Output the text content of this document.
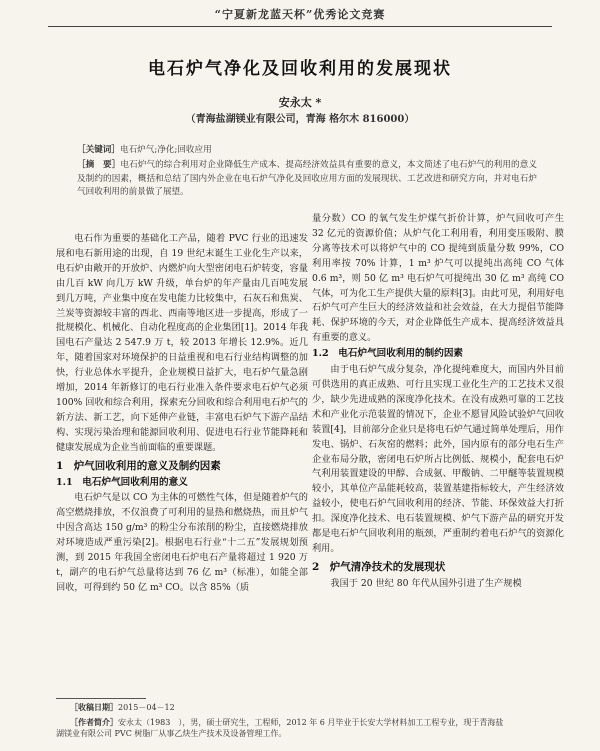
“宁夏新龙蓝天杯”优秀论文竞赛
电石炉气净化及回收利用的发展现状
安永太 *
（青海盐湖镁业有限公司，青海 格尔木 816000）
［关键词］电石炉气;净化;回收应用
［摘　要］电石炉气的综合利用对企业降低生产成本、提高经济效益具有重要的意义，本文简述了电石炉气的利用的意义及制约的因素，概括和总结了国内外企业在电石炉气净化及回收应用方面的发展现状、工艺改进和研究方向，并对电石炉气回收利用的前景做了展望。

电石作为重要的基础化工产品，随着 PVC 行业的迅速发展和电石新用途的出现，自 19 世纪末诞生工业化生产以来，电石炉由敞开的开放炉、内燃炉向大型密闭电石炉转变，容量由几百 kW 向几万 kW 升级，单台炉的年产量由几百吨发展到几万吨，产业集中度在发电能力比较集中，石灰石和焦炭、兰炭等资源较丰富的西北、西南等地区进一步提高，形成了一批规模化、机械化、自动化程度高的企业集团[1]。2014 年我国电石产量达 2 547.9 万 t，较 2013 年增长 12.9%。近几年，随着国家对环境保护的日益重视和电石行业结构调整的加快，行业总体水平提升，企业规模日益扩大，电石炉气量急剧增加，2014 年新修订的电石行业准入条件要求电石炉气必须 100% 回收和综合利用，探索充分回收和综合利用电石炉气的新方法、新工艺，向下延伸产业链，丰富电石炉气下游产品结构、实现污染治理和能源回收利用、促进电石行业节能降耗和健康发展成为企业当前面临的重要课题。

1　炉气回收利用的意义及制约因素
1.1　电石炉气回收利用的意义

电石炉气是以 CO 为主体的可燃性气体，但是随着炉气的高空燃烧排放，不仅浪费了可利用的显热和燃烧热，而且炉气中因含高达 150 g/m³ 的粉尘分布浓削的粉尘，直接燃烧排放对环境造成严重污染[2]。根据电石行业“十二五”发展规划预测，到 2015 年我国全密闭电石炉电石产量将超过 1 920 万 t，副产的电石炉气总量将达到 76 亿 m³（标准），如能全部回收，可得到约 50 亿 m³ CO。以含 85%（质

量分数）CO 的氧气发生炉煤气折价计算，炉气回收可产生 32 亿元的资源价值；从炉气化工利用看，利用变压吸附、膜分离等技术可以将炉气中的 CO 提纯到质量分数 99%，CO 利用率按 70% 计算，1 m³ 炉气可以提纯出高纯 CO 气体 0.6 m³，则 50 亿 m³ 电石炉气可提纯出 30 亿 m³ 高纯 CO 气体，可为化工生产提供大量的原料[3]。由此可见，利用好电石炉气可产生巨大的经济效益和社会效益，在大力提倡节能降耗、保护环境的今天，对企业降低生产成本、提高经济效益具有重要的意义。

1.2　电石炉气回收利用的制约因素

由于电石炉气成分复杂，净化提纯难度大，而国内外目前可供选用的真正成熟、可行且实现工业化生产的工艺技术又很少，缺少先进成熟的深度净化技术。在没有成熟可靠的工艺技术和产业化示范装置的情况下，企业不愿冒风险试验炉气回收装置[4]，目前部分企业只是将电石炉气通过简单处理后，用作发电、锅炉、石灰窑的燃料；此外，国内原有的部分电石生产企业布局分散，密闭电石炉所占比例低、规模小，配套电石炉气利用装置建设的甲醇、合成氨、甲酸钠、二甲醚等装置规模较小，其单位产品能耗较高，装置基建指标较大，产生经济效益较小，使电石炉气回收利用的经济、节能、环保效益大打折扣。深度净化技术、电石装置规模、炉气下游产品的研究开发都是电石炉气回收利用的瓶颈，严重制约着电石炉气的资源化利用。

2　炉气清净技术的发展现状

我国于 20 世纪 80 年代从国外引进了生产规模

［收稿日期］2015－04－12
［作者简介］安永太（1983　），男，硕士研究生，工程师，2012 年 6 月毕业于长安大学材料加工工程专业，现于青海盐
湖镁业有限公司 PVC 树脂厂从事乙炔生产技术及设备管理工作。
